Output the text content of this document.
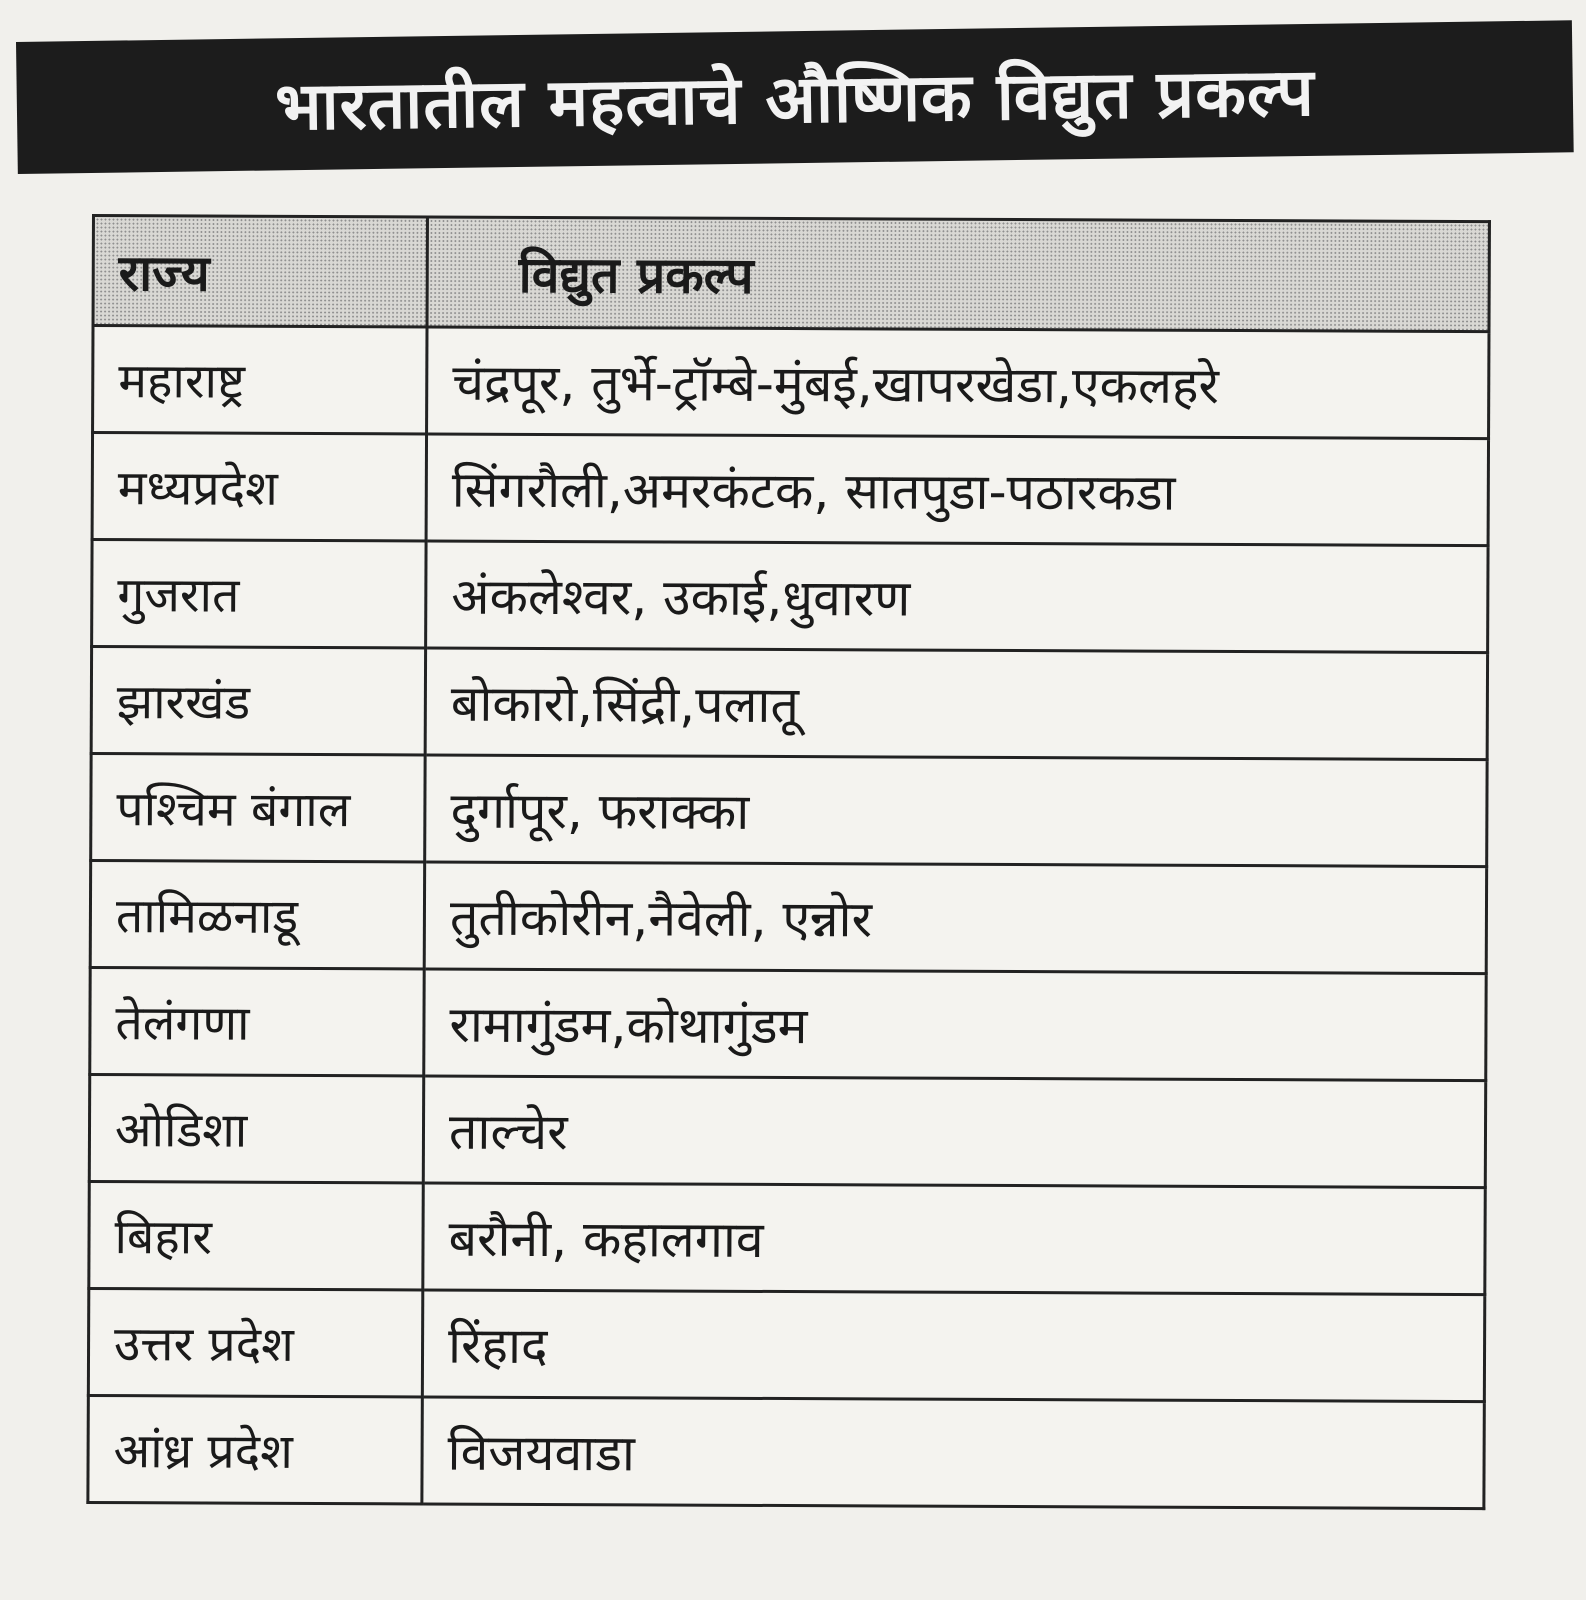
भारतातील महत्वाचे औष्णिक विद्युत प्रकल्प
राज्य	विद्युत प्रकल्प
महाराष्ट्र	चंद्रपूर, तुर्भे-ट्रॉम्बे-मुंबई,खापरखेडा,एकलहरे
मध्यप्रदेश	सिंगरौली,अमरकंटक, सातपुडा-पठारकडा
गुजरात	अंकलेश्वर, उकाई,धुवारण
झारखंड	बोकारो,सिंद्री,पलातू
पश्चिम बंगाल	दुर्गापूर, फराक्का
तामिळनाडू	तुतीकोरीन,नैवेली, एन्नोर
तेलंगणा	रामागुंडम,कोथागुंडम
ओडिशा	ताल्चेर
बिहार	बरौनी, कहालगाव
उत्तर प्रदेश	रिंहाद
आंध्र प्रदेश	विजयवाडा
